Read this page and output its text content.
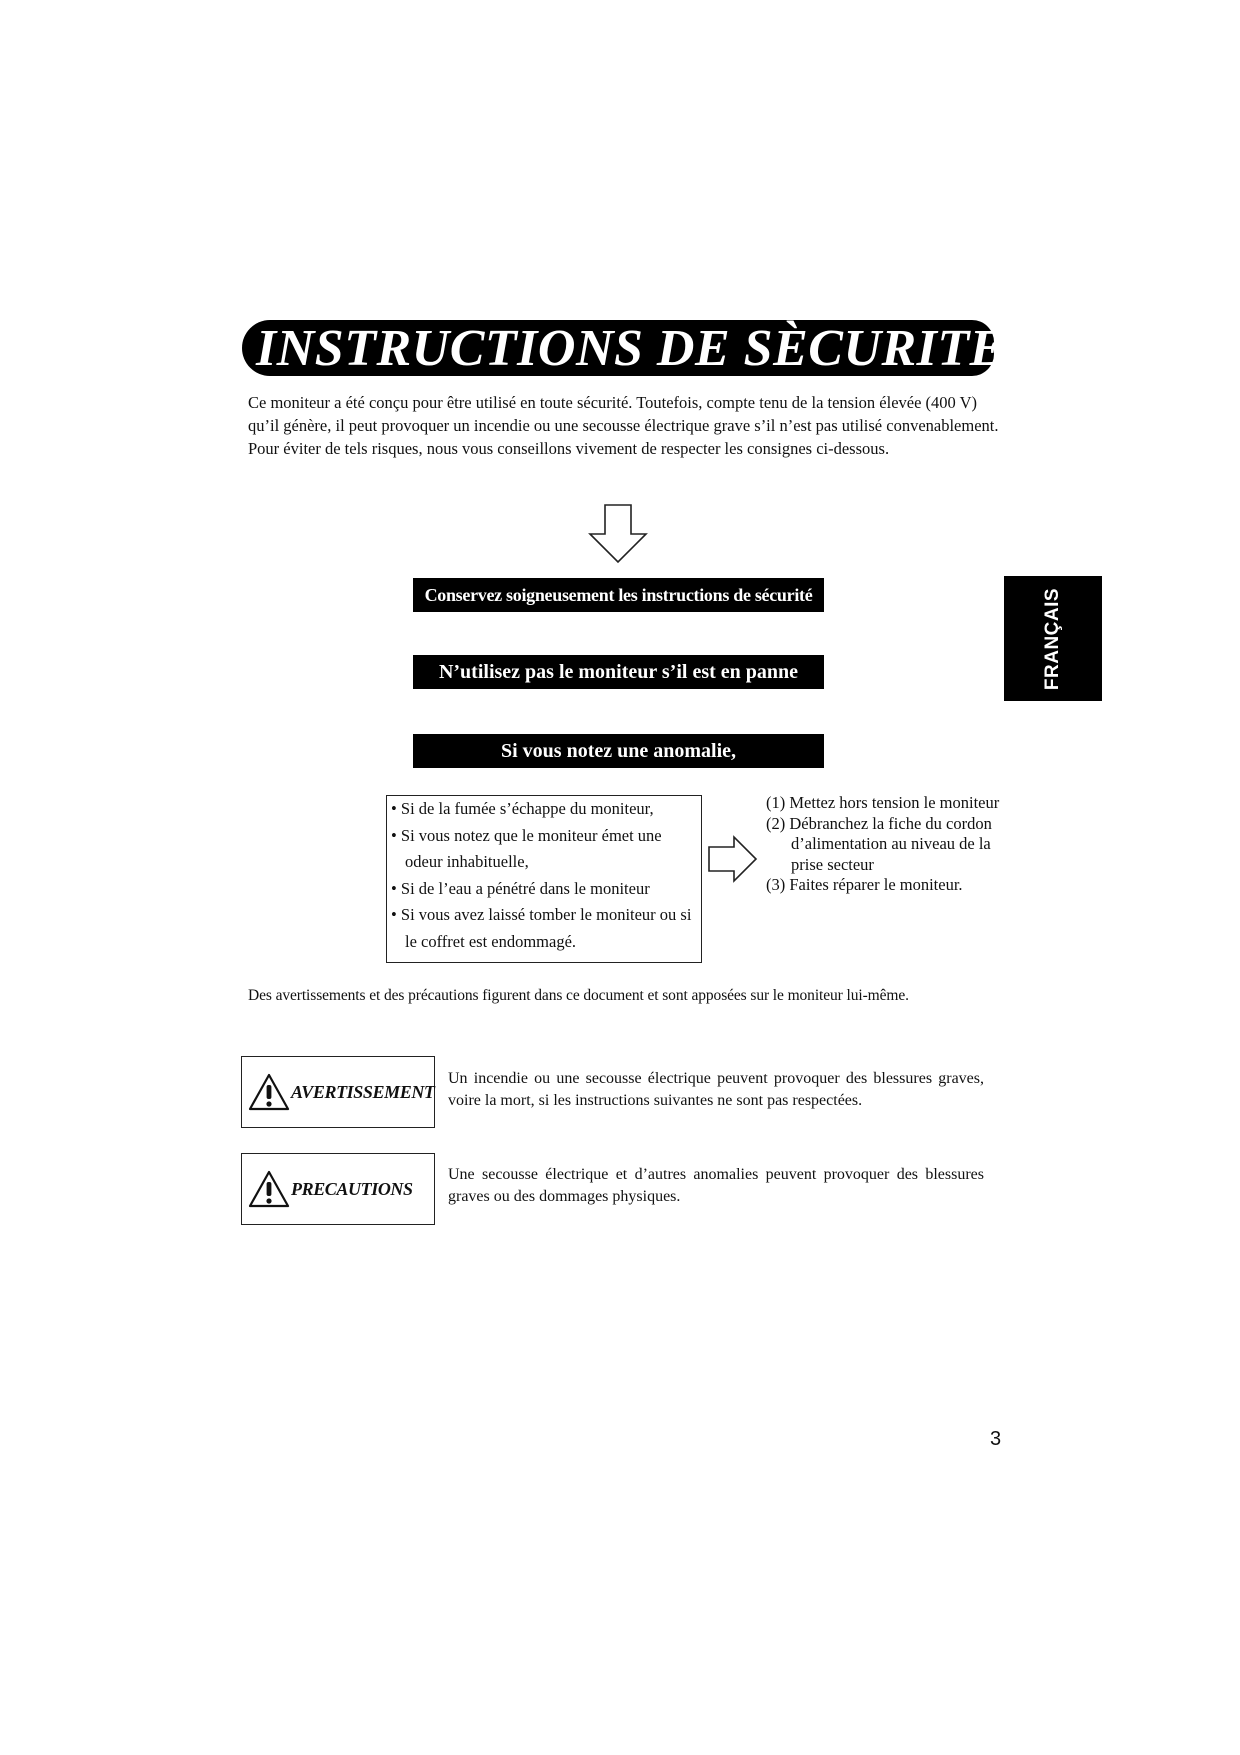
INSTRUCTIONS DE SÈCURITÈ

Ce moniteur a été conçu pour être utilisé en toute sécurité. Toutefois, compte tenu de la tension élevée (400 V) qu’il génère, il peut provoquer un incendie ou une secousse électrique grave s’il n’est pas utilisé convenablement.

Pour éviter de tels risques, nous vous conseillons vivement de respecter les consignes ci-dessous.

Conservez soigneusement les instructions de sécurité
N’utilisez pas le moniteur s’il est en panne
Si vous notez une anomalie,
FRANÇAIS
• Si de la fumée s’échappe du moniteur,
• Si vous notez que le moniteur émet une odeur inhabituelle,
• Si de l’eau a pénétré dans le moniteur
• Si vous avez laissé tomber le moniteur ou si le coffret est endommagé.
(1) Mettez hors tension le moniteur
(2) Débranchez la fiche du cordon d’alimentation au niveau de la prise secteur
(3) Faites réparer le moniteur.
Des avertissements et des précautions figurent dans ce document et sont apposées sur le moniteur lui-même.
AVERTISSEMENT
Un incendie ou une secousse électrique peuvent provoquer des blessures graves, voire la mort, si les instructions suivantes ne sont pas respectées.
PRECAUTIONS
Une secousse électrique et d’autres anomalies peuvent provoquer des blessures graves ou des dommages physiques.
3
